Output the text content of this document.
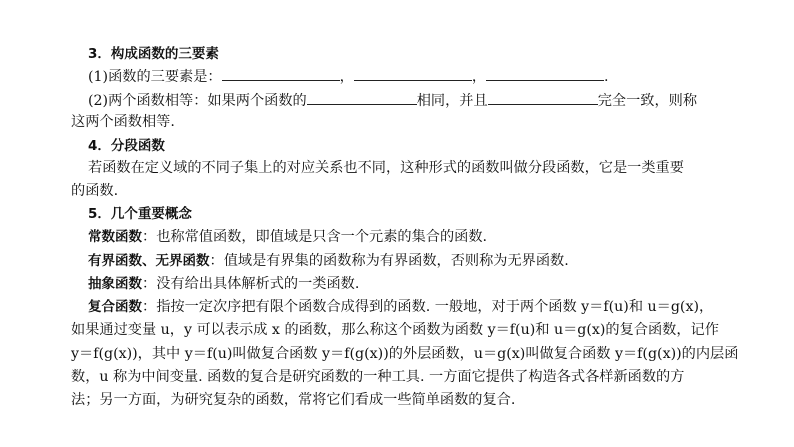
3．构成函数的三要素
(1)函数的三要素是：	，	，	.
(2)两个函数相等：如果两个函数的	相同，并且	完全一致，则称
这两个函数相等.
4．分段函数
若函数在定义域的不同子集上的对应关系也不同，这种形式的函数叫做分段函数，它是一类重要
的函数.
5．几个重要概念
常数函数：也称常值函数，即值域是只含一个元素的集合的函数.
有界函数、无界函数：值域是有界集的函数称为有界函数，否则称为无界函数.
抽象函数：没有给出具体解析式的一类函数.
复合函数：指按一定次序把有限个函数合成得到的函数. 一般地，对于两个函数 y＝f(u)和 u＝g(x)，
如果通过变量 u，y 可以表示成 x 的函数，那么称这个函数为函数 y＝f(u)和 u＝g(x)的复合函数，记作
y＝f(g(x))，其中 y＝f(u)叫做复合函数 y＝f(g(x))的外层函数，u＝g(x)叫做复合函数 y＝f(g(x))的内层函
数，u 称为中间变量. 函数的复合是研究函数的一种工具. 一方面它提供了构造各式各样新函数的方
法；另一方面，为研究复杂的函数，常将它们看成一些简单函数的复合.
